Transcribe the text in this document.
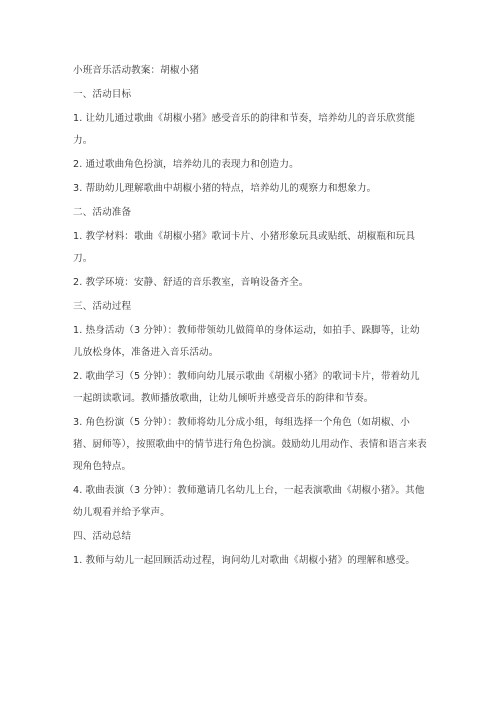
小班音乐活动教案：胡椒小猪

一、活动目标

1. 让幼儿通过歌曲《胡椒小猪》感受音乐的韵律和节奏，培养幼儿的音乐欣赏能力。

2. 通过歌曲角色扮演，培养幼儿的表现力和创造力。

3. 帮助幼儿理解歌曲中胡椒小猪的特点，培养幼儿的观察力和想象力。

二、活动准备

1. 教学材料：歌曲《胡椒小猪》歌词卡片、小猪形象玩具或贴纸、胡椒瓶和玩具刀。

2. 教学环境：安静、舒适的音乐教室，音响设备齐全。

三、活动过程

1. 热身活动（3 分钟）：教师带领幼儿做简单的身体运动，如拍手、跺脚等，让幼儿放松身体，准备进入音乐活动。

2. 歌曲学习（5 分钟）：教师向幼儿展示歌曲《胡椒小猪》的歌词卡片，带着幼儿一起朗读歌词。教师播放歌曲，让幼儿倾听并感受音乐的韵律和节奏。

3. 角色扮演（5 分钟）：教师将幼儿分成小组，每组选择一个角色（如胡椒、小猪、厨师等），按照歌曲中的情节进行角色扮演。鼓励幼儿用动作、表情和语言来表现角色特点。

4. 歌曲表演（3 分钟）：教师邀请几名幼儿上台，一起表演歌曲《胡椒小猪》。其他幼儿观看并给予掌声。

四、活动总结

1. 教师与幼儿一起回顾活动过程，询问幼儿对歌曲《胡椒小猪》的理解和感受。
